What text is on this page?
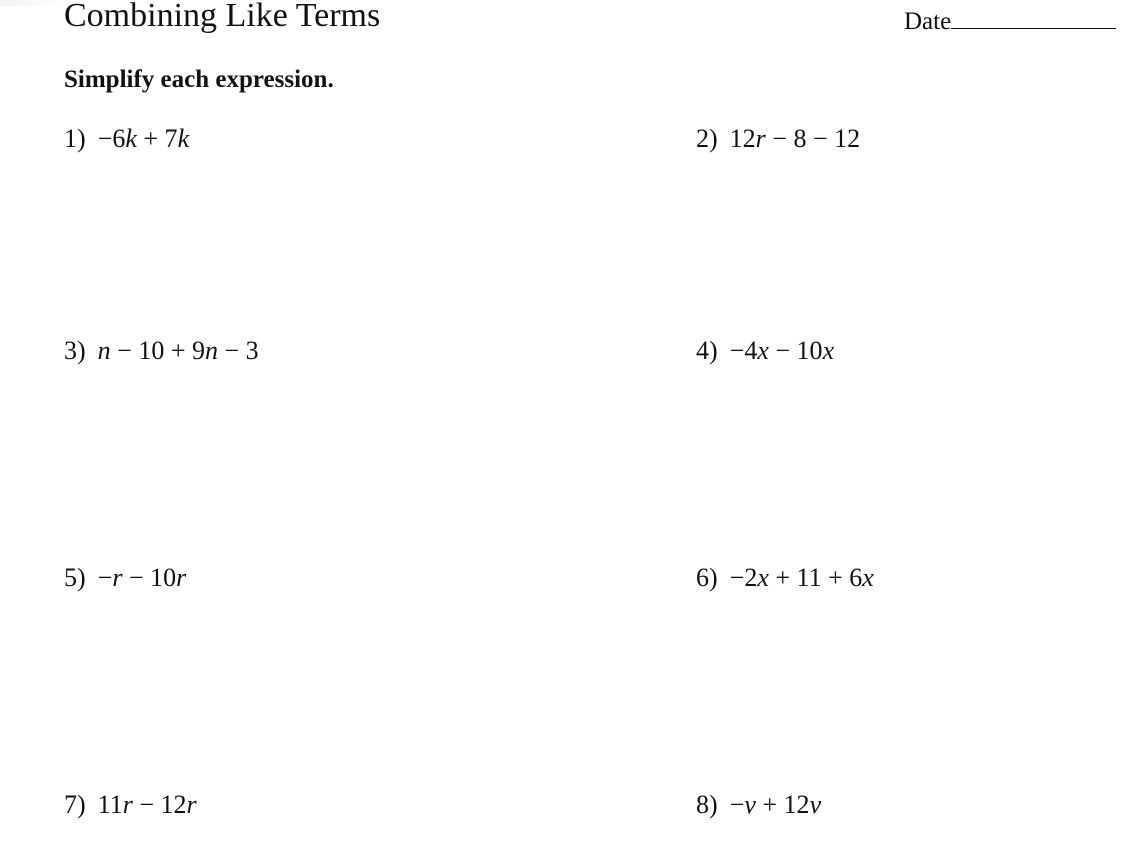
Combining Like Terms	Date
Simplify each expression.
1) −6k + 7k	2) 12r − 8 − 12
3) n − 10 + 9n − 3	4) −4x − 10x
5) −r − 10r	6) −2x + 11 + 6x
7) 11r − 12r	8) −v + 12v
